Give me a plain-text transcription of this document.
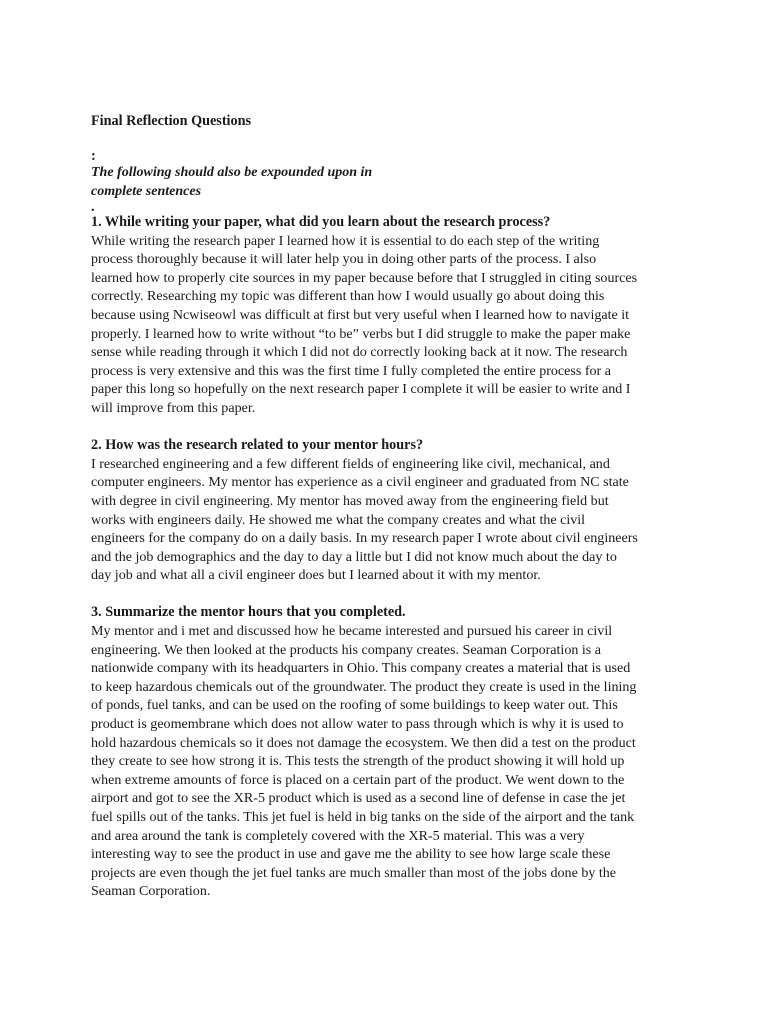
Final Reflection Questions

:

The following should also be expounded upon in
complete sentences

.

1. While writing your paper, what did you learn about the research process?

While writing the research paper I learned how it is essential to do each step of the writing
process thoroughly because it will later help you in doing other parts of the process. I also
learned how to properly cite sources in my paper because before that I struggled in citing sources
correctly. Researching my topic was different than how I would usually go about doing this
because using Ncwiseowl was difficult at first but very useful when I learned how to navigate it
properly. I learned how to write without “to be” verbs but I did struggle to make the paper make
sense while reading through it which I did not do correctly looking back at it now. The research
process is very extensive and this was the first time I fully completed the entire process for a
paper this long so hopefully on the next research paper I complete it will be easier to write and I
will improve from this paper.

2. How was the research related to your mentor hours?

I researched engineering and a few different fields of engineering like civil, mechanical, and
computer engineers. My mentor has experience as a civil engineer and graduated from NC state
with degree in civil engineering. My mentor has moved away from the engineering field but
works with engineers daily. He showed me what the company creates and what the civil
engineers for the company do on a daily basis. In my research paper I wrote about civil engineers
and the job demographics and the day to day a little but I did not know much about the day to
day job and what all a civil engineer does but I learned about it with my mentor.

3. Summarize the mentor hours that you completed.

My mentor and i met and discussed how he became interested and pursued his career in civil
engineering. We then looked at the products his company creates. Seaman Corporation is a
nationwide company with its headquarters in Ohio. This company creates a material that is used
to keep hazardous chemicals out of the groundwater. The product they create is used in the lining
of ponds, fuel tanks, and can be used on the roofing of some buildings to keep water out. This
product is geomembrane which does not allow water to pass through which is why it is used to
hold hazardous chemicals so it does not damage the ecosystem. We then did a test on the product
they create to see how strong it is. This tests the strength of the product showing it will hold up
when extreme amounts of force is placed on a certain part of the product. We went down to the
airport and got to see the XR-5 product which is used as a second line of defense in case the jet
fuel spills out of the tanks. This jet fuel is held in big tanks on the side of the airport and the tank
and area around the tank is completely covered with the XR-5 material. This was a very
interesting way to see the product in use and gave me the ability to see how large scale these
projects are even though the jet fuel tanks are much smaller than most of the jobs done by the
Seaman Corporation.
